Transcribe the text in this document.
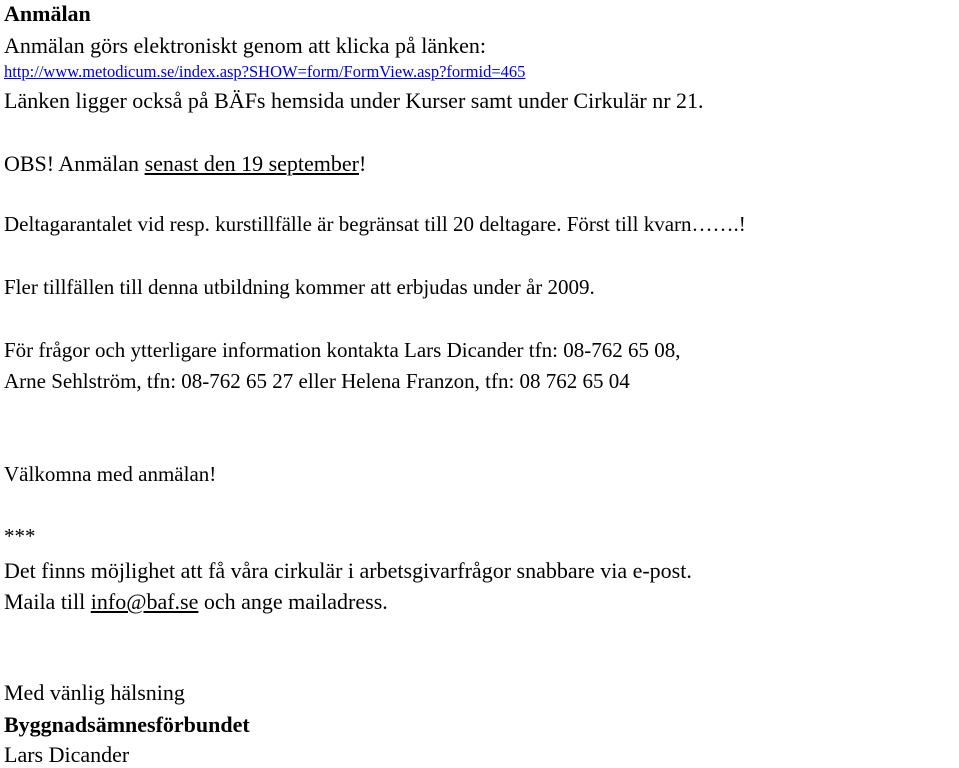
Anmälan

Anmälan görs elektroniskt genom att klicka på länken:

http://www.metodicum.se/index.asp?SHOW=form/FormView.asp?formid=465

Länken ligger också på BÄFs hemsida under Kurser samt under Cirkulär nr 21.

OBS! Anmälan senast den 19 september!

Deltagarantalet vid resp. kurstillfälle är begränsat till 20 deltagare. Först till kvarn…….!

Fler tillfällen till denna utbildning kommer att erbjudas under år 2009.

För frågor och ytterligare information kontakta Lars Dicander tfn: 08-762 65 08,

Arne Sehlström, tfn: 08-762 65 27 eller Helena Franzon, tfn: 08 762 65 04

Välkomna med anmälan!

***

Det finns möjlighet att få våra cirkulär i arbetsgivarfrågor snabbare via e-post.

Maila till info@baf.se och ange mailadress.

Med vänlig hälsning

Byggnadsämnesförbundet

Lars Dicander
